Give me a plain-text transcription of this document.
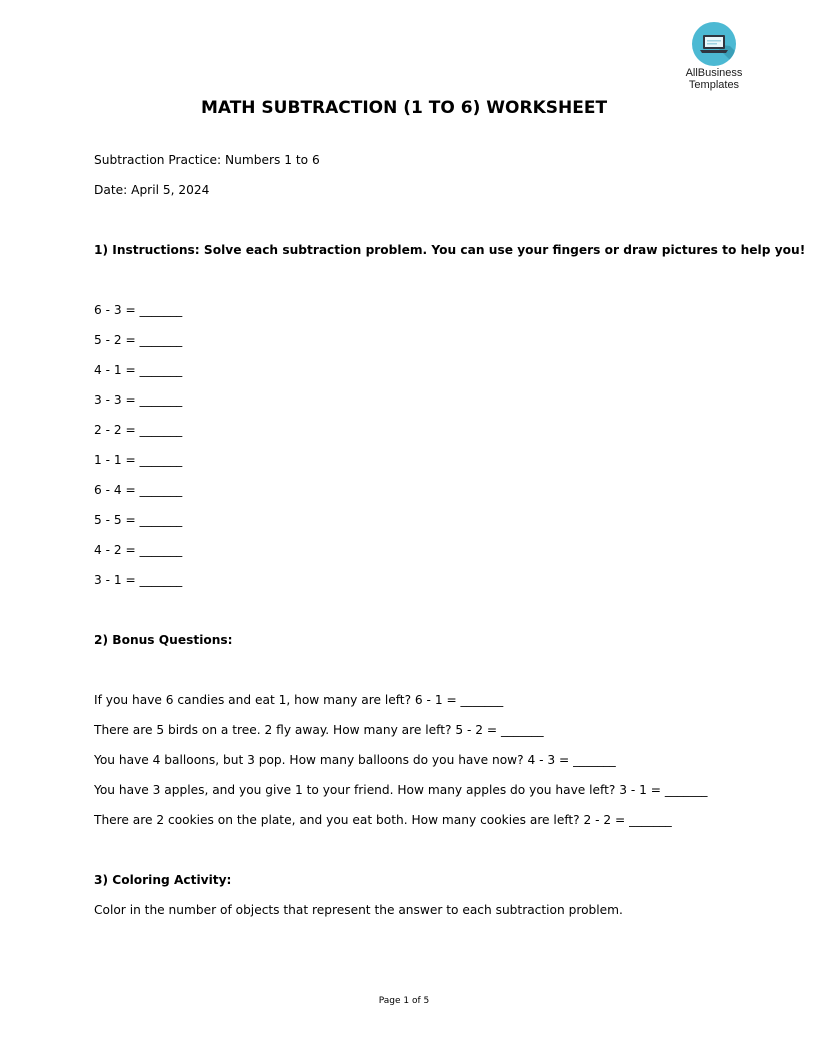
AllBusiness
Templates
MATH SUBTRACTION (1 TO 6) WORKSHEET
Subtraction Practice: Numbers 1 to 6
Date: April 5, 2024
1) Instructions: Solve each subtraction problem. You can use your fingers or draw pictures to help you!
6 - 3 = _______
5 - 2 = _______
4 - 1 = _______
3 - 3 = _______
2 - 2 = _______
1 - 1 = _______
6 - 4 = _______
5 - 5 = _______
4 - 2 = _______
3 - 1 = _______
2) Bonus Questions:
If you have 6 candies and eat 1, how many are left? 6 - 1 = _______
There are 5 birds on a tree. 2 fly away. How many are left? 5 - 2 = _______
You have 4 balloons, but 3 pop. How many balloons do you have now? 4 - 3 = _______
You have 3 apples, and you give 1 to your friend. How many apples do you have left? 3 - 1 = _______
There are 2 cookies on the plate, and you eat both. How many cookies are left? 2 - 2 = _______
3) Coloring Activity:
Color in the number of objects that represent the answer to each subtraction problem.
Page 1 of 5
